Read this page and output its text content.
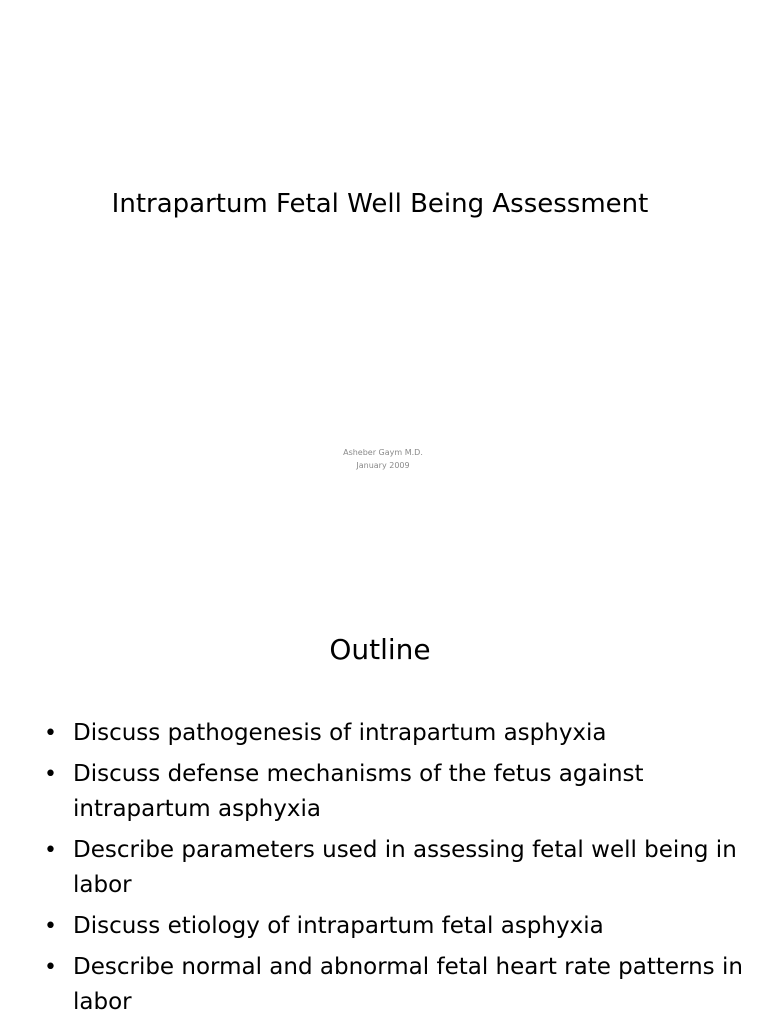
Intrapartum Fetal Well Being Assessment
Asheber Gaym M.D.
January 2009
Outline
• Discuss pathogenesis of intrapartum asphyxia
• Discuss defense mechanisms of the fetus against intrapartum asphyxia
• Describe parameters used in assessing fetal well being in labor
• Discuss etiology of intrapartum fetal asphyxia
• Describe normal and abnormal fetal heart rate patterns in labor
